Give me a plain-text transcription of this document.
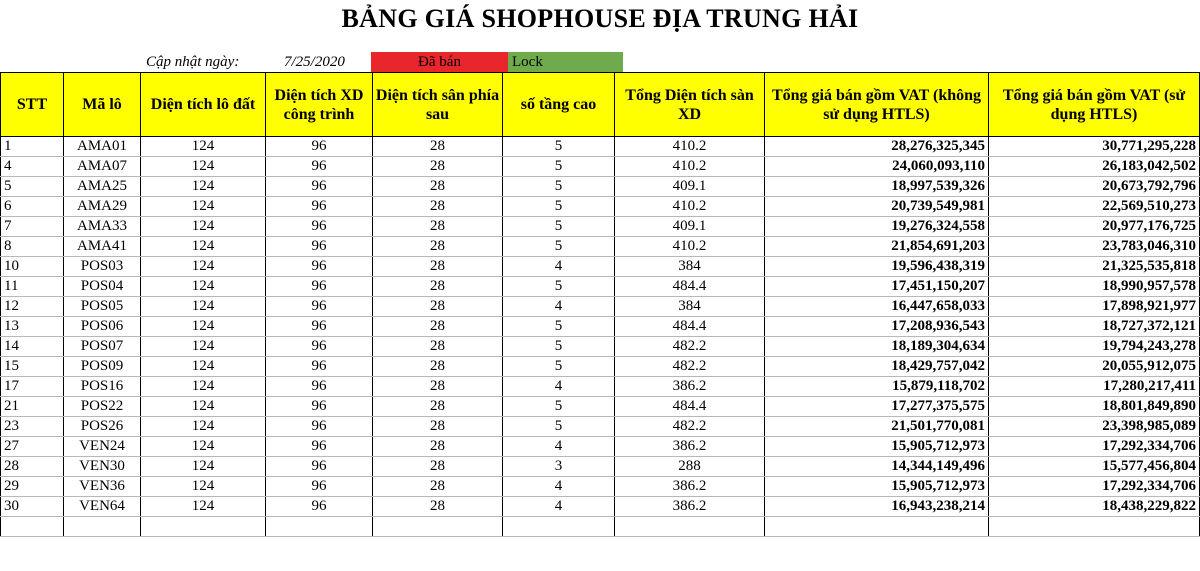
BẢNG GIÁ SHOPHOUSE ĐỊA TRUNG HẢI
Cập nhật ngày:	7/25/2020	Đã bán	Lock
STT	Mã lô	Diện tích lô đất	Diện tích XD công trình	Diện tích sân phía sau	số tầng cao	Tổng Diện tích sàn XD	Tổng giá bán gồm VAT (không sử dụng HTLS)	Tổng giá bán gồm VAT (sử dụng HTLS)
1	AMA01	124	96	28	5	410.2	28,276,325,345	30,771,295,228
4	AMA07	124	96	28	5	410.2	24,060,093,110	26,183,042,502
5	AMA25	124	96	28	5	409.1	18,997,539,326	20,673,792,796
6	AMA29	124	96	28	5	410.2	20,739,549,981	22,569,510,273
7	AMA33	124	96	28	5	409.1	19,276,324,558	20,977,176,725
8	AMA41	124	96	28	5	410.2	21,854,691,203	23,783,046,310
10	POS03	124	96	28	4	384	19,596,438,319	21,325,535,818
11	POS04	124	96	28	5	484.4	17,451,150,207	18,990,957,578
12	POS05	124	96	28	4	384	16,447,658,033	17,898,921,977
13	POS06	124	96	28	5	484.4	17,208,936,543	18,727,372,121
14	POS07	124	96	28	5	482.2	18,189,304,634	19,794,243,278
15	POS09	124	96	28	5	482.2	18,429,757,042	20,055,912,075
17	POS16	124	96	28	4	386.2	15,879,118,702	17,280,217,411
21	POS22	124	96	28	5	484.4	17,277,375,575	18,801,849,890
23	POS26	124	96	28	5	482.2	21,501,770,081	23,398,985,089
27	VEN24	124	96	28	4	386.2	15,905,712,973	17,292,334,706
28	VEN30	124	96	28	3	288	14,344,149,496	15,577,456,804
29	VEN36	124	96	28	4	386.2	15,905,712,973	17,292,334,706
30	VEN64	124	96	28	4	386.2	16,943,238,214	18,438,229,822
